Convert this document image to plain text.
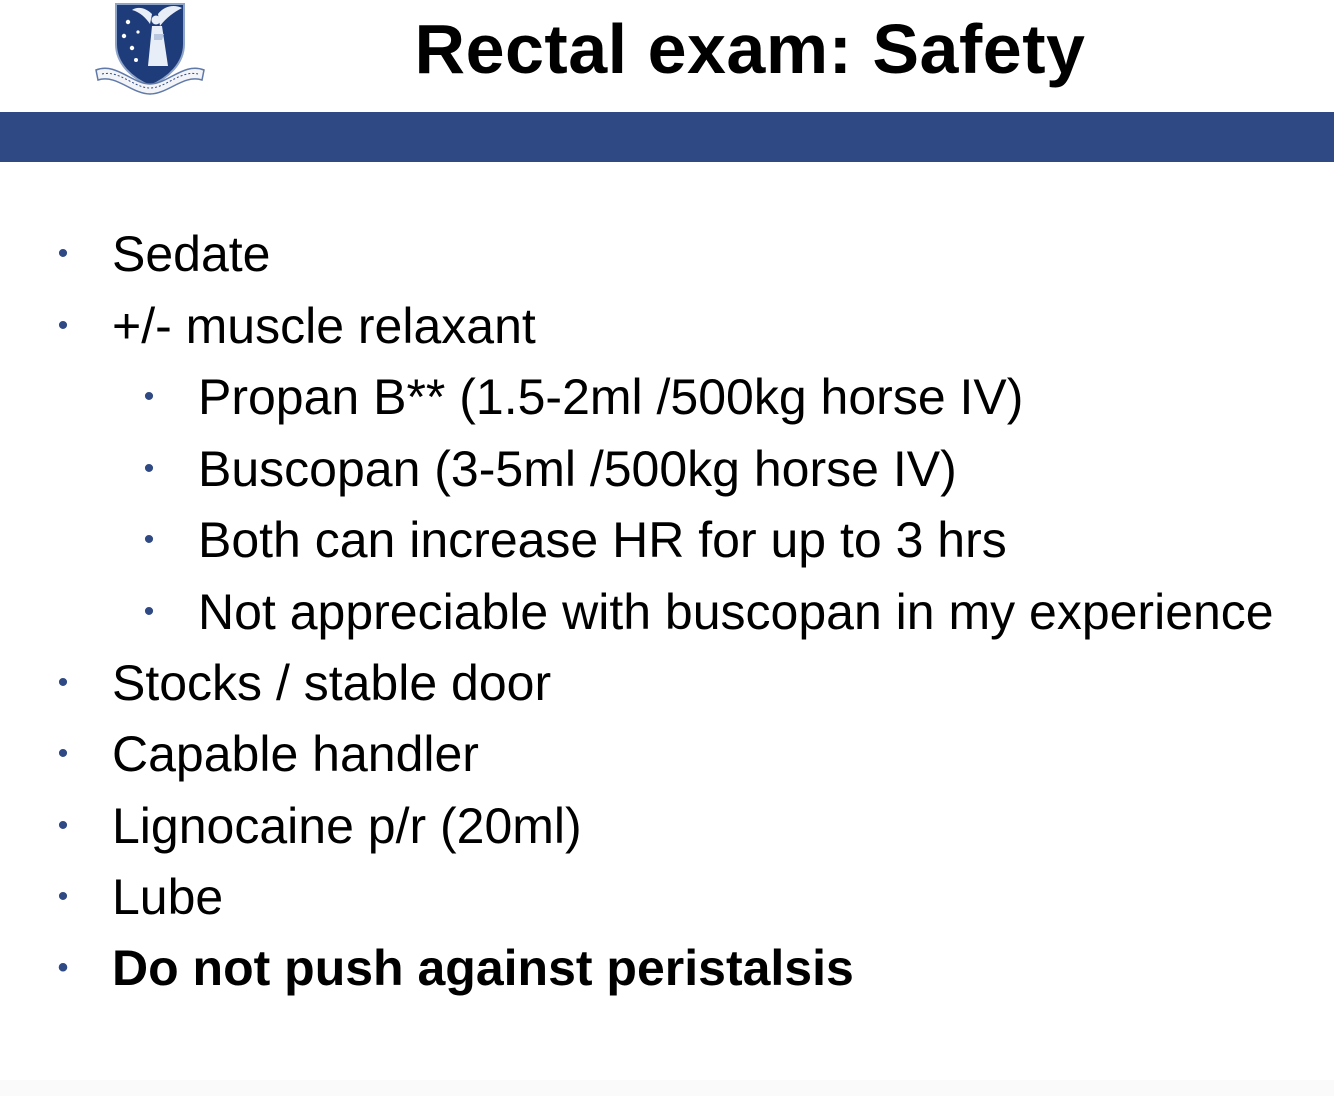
Rectal exam: Safety
• Sedate
• +/- muscle relaxant
• Propan B** (1.5-2ml /500kg horse IV)
• Buscopan (3-5ml /500kg horse IV)
• Both can increase HR for up to 3 hrs
• Not appreciable with buscopan in my experience
• Stocks / stable door
• Capable handler
• Lignocaine p/r (20ml)
• Lube
• Do not push against peristalsis
